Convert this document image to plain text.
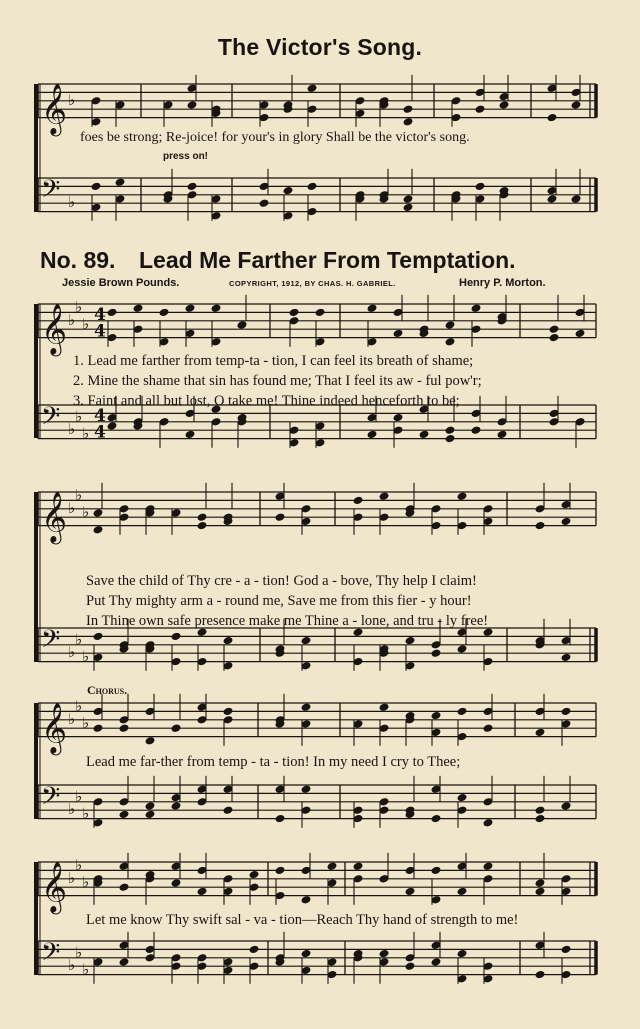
𝄞 ♭
𝄢 ♭
𝄞 ♭
♭
♭ 4
4
𝄢 ♭
♭
♭
4
4
𝄞 ♭
♭
♭
𝄢 ♭
♭
♭
𝄞 ♭
♭
♭
𝄢 ♭
♭
♭
𝄞 ♭
♭
♭
𝄢 ♭
♭
♭
The Victor's Song.
press on!
foes be strong; Re-joice! for your's in glory Shall be the victor's song.
No. 89. Lead Me Farther From Temptation.
Jessie Brown Pounds.	COPYRIGHT, 1912, BY CHAS. H. GABRIEL.	Henry P. Morton.
1. Lead me farther from temp-ta - tion, I can feel its breath of shame;
2. Mine the shame that sin has found me; That I feel its aw - ful pow'r;
3. Faint and all but lost, O take me! Thine indeed henceforth to be;
Save the child of Thy cre - a - tion! God a - bove, Thy help I claim!
Put Thy mighty arm a - round me, Save me from this fier - y hour!
In Thine own safe presence make me Thine a - lone, and tru - ly free!
Chorus.
Lead me far-ther from temp - ta - tion! In my need I cry to Thee;
Let me know Thy swift sal - va - tion—Reach Thy hand of strength to me!
